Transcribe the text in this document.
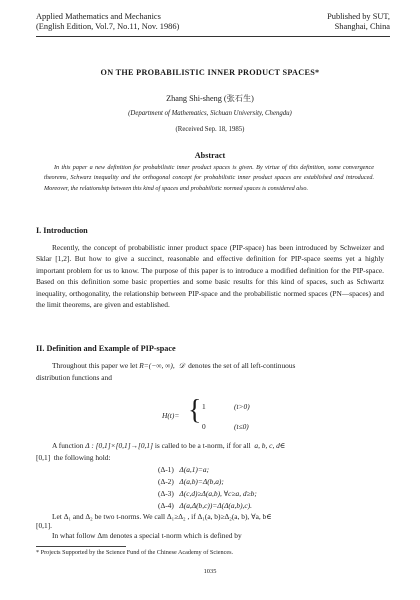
Applied Mathematics and Mechanics
(English Edition, Vol.7, No.11, Nov. 1986)
Published by SUT,
Shanghai, China
ON THE PROBABILISTIC INNER PRODUCT SPACES*
Zhang Shi-sheng (张石生)
(Department of Mathematics, Sichuan University, Chengdu)
(Received Sep. 18, 1985)
Abstract
In this paper a new definition for probabilistic inner product spaces is given. By virtue of this definition, some convergence theorems, Schwarz inequality and the orthogonal concept for probabilistic inner product spaces are established and introduced. Moreover, the relationship between this kind of spaces and probabilistic normed spaces is considered also.
I. Introduction
Recently, the concept of probabilistic inner product space (PIP-space) has been introduced by Schweizer and Sklar [1,2]. But how to give a succinct, reasonable and effective definition for PIP-space seems yet a highly important problem for us to know. The purpose of this paper is to introduce a modified definition for the PIP-space. Based on this definition some basic properties and some basic results for this kind of spaces, such as Schwartz inequality, orthogonality, the relationship between PIP-space and the probabilistic normed spaces (PN—spaces) and the limit theorems, are given and established.
II. Definition and Example of PIP-space
Throughout this paper we let R=(−∞, ∞), 𝒟 denotes the set of all left-continuous
distribution functions and
H(t)= { 1	(t>0)
0	(t≤0)
A function Δ : [0,1]×[0,1]→[0,1] is called to be a t-norm, if for all a, b, c, d∈
[0,1] the following hold:
(Δ-1) Δ(a,1)=a;
(Δ-2) Δ(a,b)=Δ(b,a);
(Δ-3) Δ(c,d)≥Δ(a,b), ∀c≥a, d≥b;
(Δ-4) Δ(a,Δ(b,c))=Δ(Δ(a,b),c).
Let Δ₁ and Δ₂ be two t-norms. We call Δ₁≥Δ₂ , if Δ₁(a, b)≥Δ₂(a, b), ∀a, b∈
[0,1].
* Projects Supported by the Science Fund of the Chinese Academy of Sciences.
1035
In what follow Δm denotes a special t-norm which is defined by
